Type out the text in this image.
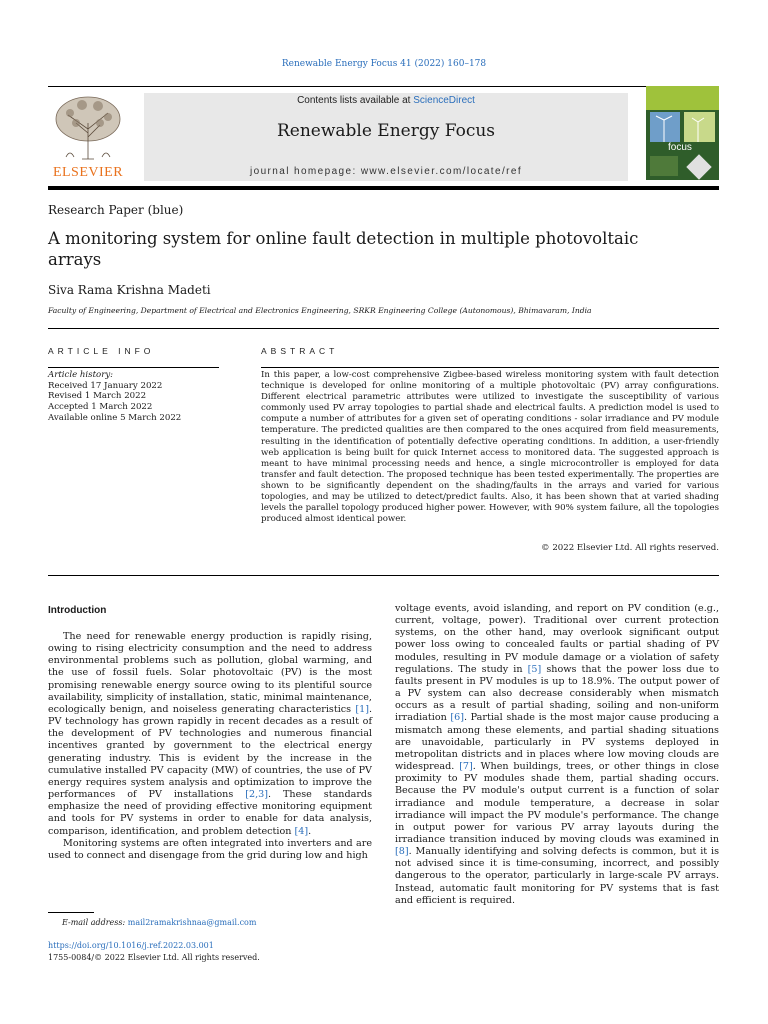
Renewable Energy Focus 41 (2022) 160–178
ELSEVIER
Contents lists available at ScienceDirect
Renewable Energy Focus
journal homepage: www.elsevier.com/locate/ref
focus
Research Paper (blue)
A monitoring system for online fault detection in multiple photovoltaic arrays
Siva Rama Krishna Madeti
Faculty of Engineering, Department of Electrical and Electronics Engineering, SRKR Engineering College (Autonomous), Bhimavaram, India
ARTICLE INFO	ABSTRACT
Article history:
Received 17 January 2022
Revised 1 March 2022
Accepted 1 March 2022
Available online 5 March 2022
In this paper, a low-cost comprehensive Zigbee-based wireless monitoring system with fault detection technique is developed for online monitoring of a multiple photovoltaic (PV) array configurations. Different electrical parametric attributes were utilized to investigate the susceptibility of various commonly used PV array topologies to partial shade and electrical faults. A prediction model is used to compute a number of attributes for a given set of operating conditions - solar irradiance and PV module temperature. The predicted qualities are then compared to the ones acquired from field measurements, resulting in the identification of potentially defective operating conditions. In addition, a user-friendly web application is being built for quick Internet access to monitored data. The suggested approach is meant to have minimal processing needs and hence, a single microcontroller is employed for data transfer and fault detection. The proposed technique has been tested experimentally. The properties are shown to be significantly dependent on the shading/faults in the arrays and varied for various topologies, and may be utilized to detect/predict faults. Also, it has been shown that at varied shading levels the parallel topology produced higher power. However, with 90% system failure, all the topologies produced almost identical power.
© 2022 Elsevier Ltd. All rights reserved.
Introduction

The need for renewable energy production is rapidly rising, owing to rising electricity consumption and the need to address environmental problems such as pollution, global warming, and the use of fossil fuels. Solar photovoltaic (PV) is the most promising renewable energy source owing to its plentiful source availability, simplicity of installation, static, minimal maintenance, ecologically benign, and noiseless generating characteristics [1]. PV technology has grown rapidly in recent decades as a result of the development of PV technologies and numerous financial incentives granted by government to the electrical energy generating industry. This is evident by the increase in the cumulative installed PV capacity (MW) of countries, the use of PV energy requires system analysis and optimization to improve the performances of PV installations [2,3]. These standards emphasize the need of providing effective monitoring equipment and tools for PV systems in order to enable for data analysis, comparison, identification, and problem detection [4].

Monitoring systems are often integrated into inverters and are used to connect and disengage from the grid during low and high

voltage events, avoid islanding, and report on PV condition (e.g., current, voltage, power). Traditional over current protection systems, on the other hand, may overlook significant output power loss owing to concealed faults or partial shading of PV modules, resulting in PV module damage or a violation of safety regulations. The study in [5] shows that the power loss due to faults present in PV modules is up to 18.9%. The output power of a PV system can also decrease considerably when mismatch occurs as a result of partial shading, soiling and non-uniform irradiation [6]. Partial shade is the most major cause producing a mismatch among these elements, and partial shading situations are unavoidable, particularly in PV systems deployed in metropolitan districts and in places where low moving clouds are widespread. [7]. When buildings, trees, or other things in close proximity to PV modules shade them, partial shading occurs. Because the PV module's output current is a function of solar irradiance and module temperature, a decrease in solar irradiance will impact the PV module's performance. The change in output power for various PV array layouts during the irradiance transition induced by moving clouds was examined in [8]. Manually identifying and solving defects is common, but it is not advised since it is time-consuming, incorrect, and possibly dangerous to the operator, particularly in large-scale PV arrays. Instead, automatic fault monitoring for PV systems that is fast and efficient is required.

E-mail address: mail2ramakrishnaa@gmail.com
https://doi.org/10.1016/j.ref.2022.03.001
1755-0084/© 2022 Elsevier Ltd. All rights reserved.
